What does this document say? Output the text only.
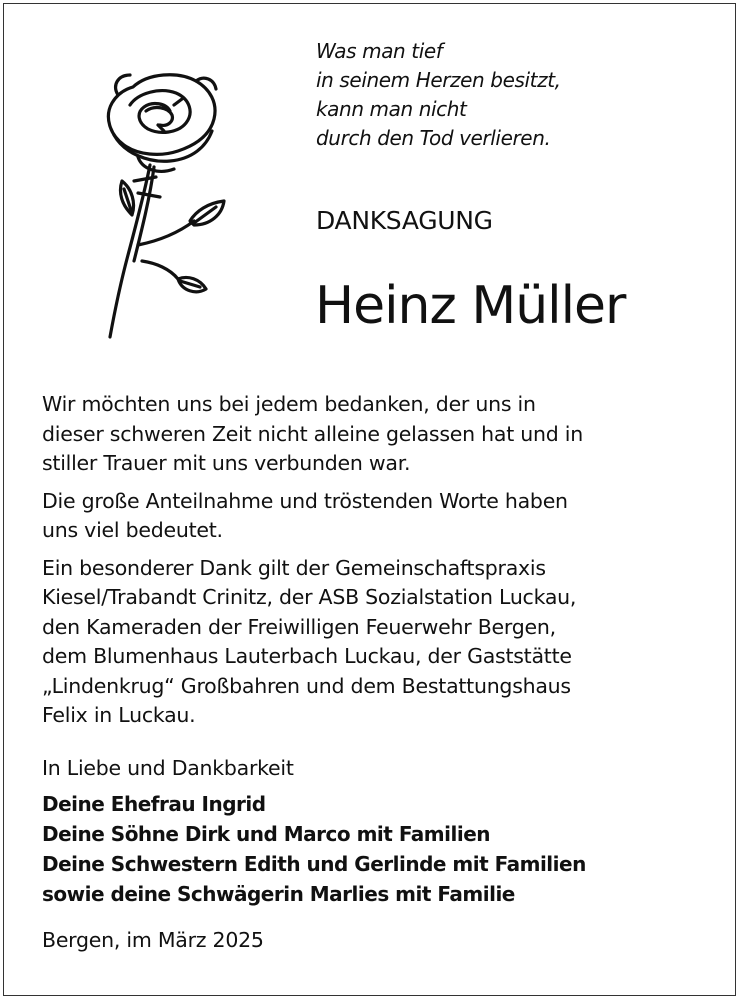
Was man tief
in seinem Herzen besitzt,
kann man nicht
durch den Tod verlieren.
DANKSAGUNG
Heinz Müller

Wir möchten uns bei jedem bedanken, der uns in
dieser schweren Zeit nicht alleine gelassen hat und in
stiller Trauer mit uns verbunden war.

Die große Anteilnahme und tröstenden Worte haben
uns viel bedeutet.

Ein besonderer Dank gilt der Gemeinschaftspraxis
Kiesel/Trabandt Crinitz, der ASB Sozialstation Luckau,
den Kameraden der Freiwilligen Feuerwehr Bergen,
dem Blumenhaus Lauterbach Luckau, der Gaststätte
„Lindenkrug“ Großbahren und dem Bestattungshaus
Felix in Luckau.

In Liebe und Dankbarkeit
Deine Ehefrau Ingrid
Deine Söhne Dirk und Marco mit Familien
Deine Schwestern Edith und Gerlinde mit Familien
sowie deine Schwägerin Marlies mit Familie
Bergen, im März 2025
